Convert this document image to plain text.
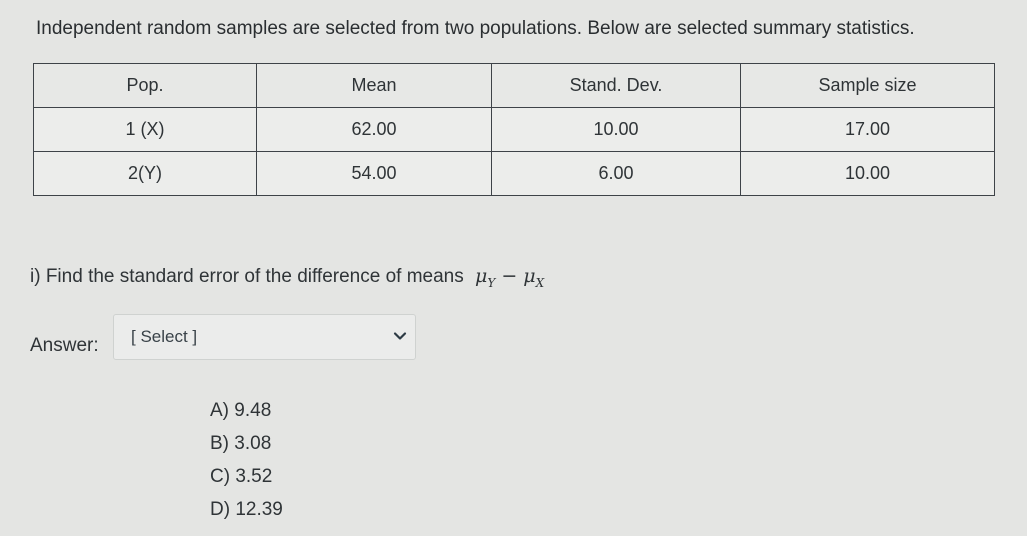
Independent random samples are selected from two populations. Below are selected summary statistics.

Pop.	Mean	Stand. Dev.	Sample size
1 (X)	62.00	10.00	17.00
2(Y)	54.00	6.00	10.00

i) Find the standard error of the difference of means $\mu_Y - \mu_X$

Answer: [ Select ]
A) 9.48
B) 3.08
C) 3.52
D) 12.39
